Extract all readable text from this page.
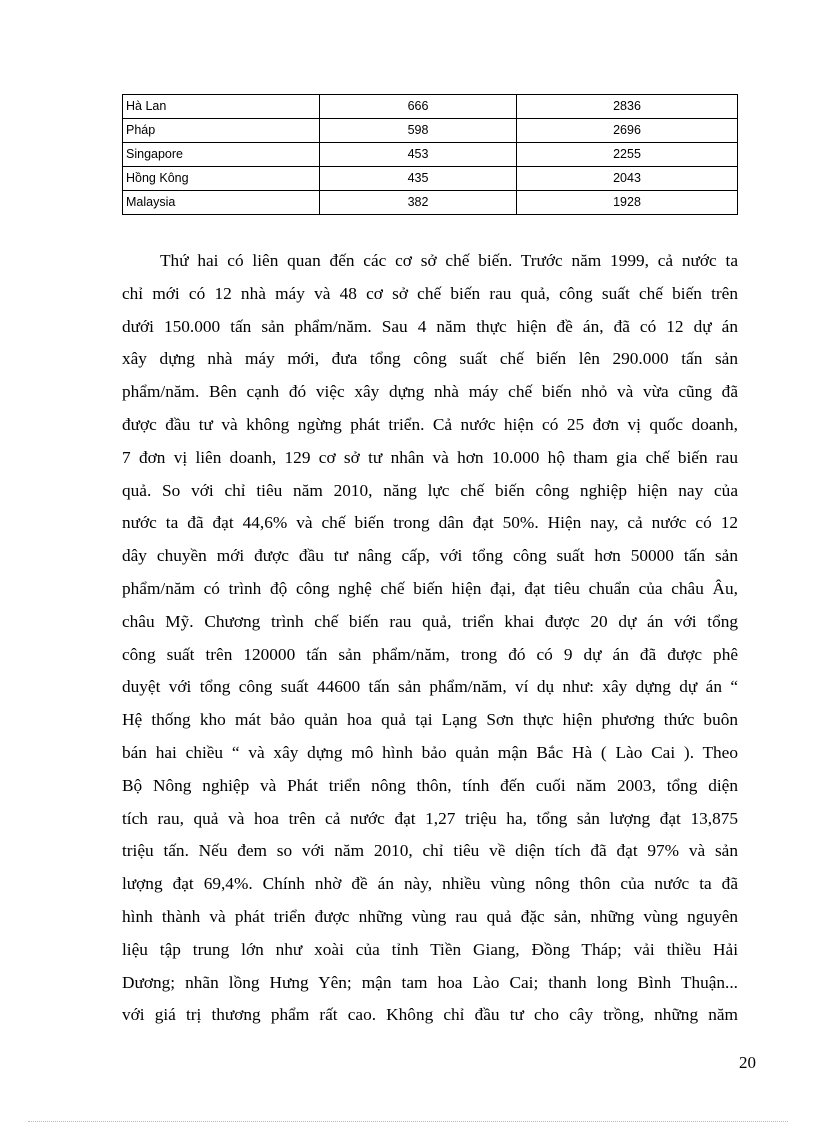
Hà Lan	666	2836
Pháp	598	2696
Singapore	453	2255
Hồng Kông	435	2043
Malaysia	382	1928
Thứ hai có liên quan đến các cơ sở chế biến. Trước năm 1999, cả nước ta
chỉ mới có 12 nhà máy và 48 cơ sở chế biến rau quả, công suất chế biến trên
dưới 150.000 tấn sản phẩm/năm. Sau 4 năm thực hiện đề án, đã có 12 dự án
xây dựng nhà máy mới, đưa tổng công suất chế biến lên 290.000 tấn sản
phẩm/năm. Bên cạnh đó việc xây dựng nhà máy chế biến nhỏ và vừa cũng đã
được đầu tư và không ngừng phát triển. Cả nước hiện có 25 đơn vị quốc doanh,
7 đơn vị liên doanh, 129 cơ sở tư nhân và hơn 10.000 hộ tham gia chế biến rau
quả. So với chỉ tiêu năm 2010, năng lực chế biến công nghiệp hiện nay của
nước ta đã đạt 44,6% và chế biến trong dân đạt 50%. Hiện nay, cả nước có 12
dây chuyền mới được đầu tư nâng cấp, với tổng công suất hơn 50000 tấn sản
phẩm/năm có trình độ công nghệ chế biến hiện đại, đạt tiêu chuẩn của châu Âu,
châu Mỹ. Chương trình chế biến rau quả, triển khai được 20 dự án với tổng
công suất trên 120000 tấn sản phẩm/năm, trong đó có 9 dự án đã được phê
duyệt với tổng công suất 44600 tấn sản phẩm/năm, ví dụ như: xây dựng dự án “
Hệ thống kho mát bảo quản hoa quả tại Lạng Sơn thực hiện phương thức buôn
bán hai chiều “ và xây dựng mô hình bảo quản mận Bắc Hà ( Lào Cai ). Theo
Bộ Nông nghiệp và Phát triển nông thôn, tính đến cuối năm 2003, tổng diện
tích rau, quả và hoa trên cả nước đạt 1,27 triệu ha, tổng sản lượng đạt 13,875
triệu tấn. Nếu đem so với năm 2010, chỉ tiêu về diện tích đã đạt 97% và sản
lượng đạt 69,4%. Chính nhờ đề án này, nhiều vùng nông thôn của nước ta đã
hình thành và phát triển được những vùng rau quả đặc sản, những vùng nguyên
liệu tập trung lớn như xoài của tỉnh Tiền Giang, Đồng Tháp; vải thiều Hải
Dương; nhãn lồng Hưng Yên; mận tam hoa Lào Cai; thanh long Bình Thuận...
với giá trị thương phẩm rất cao. Không chỉ đầu tư cho cây trồng, những năm
20
